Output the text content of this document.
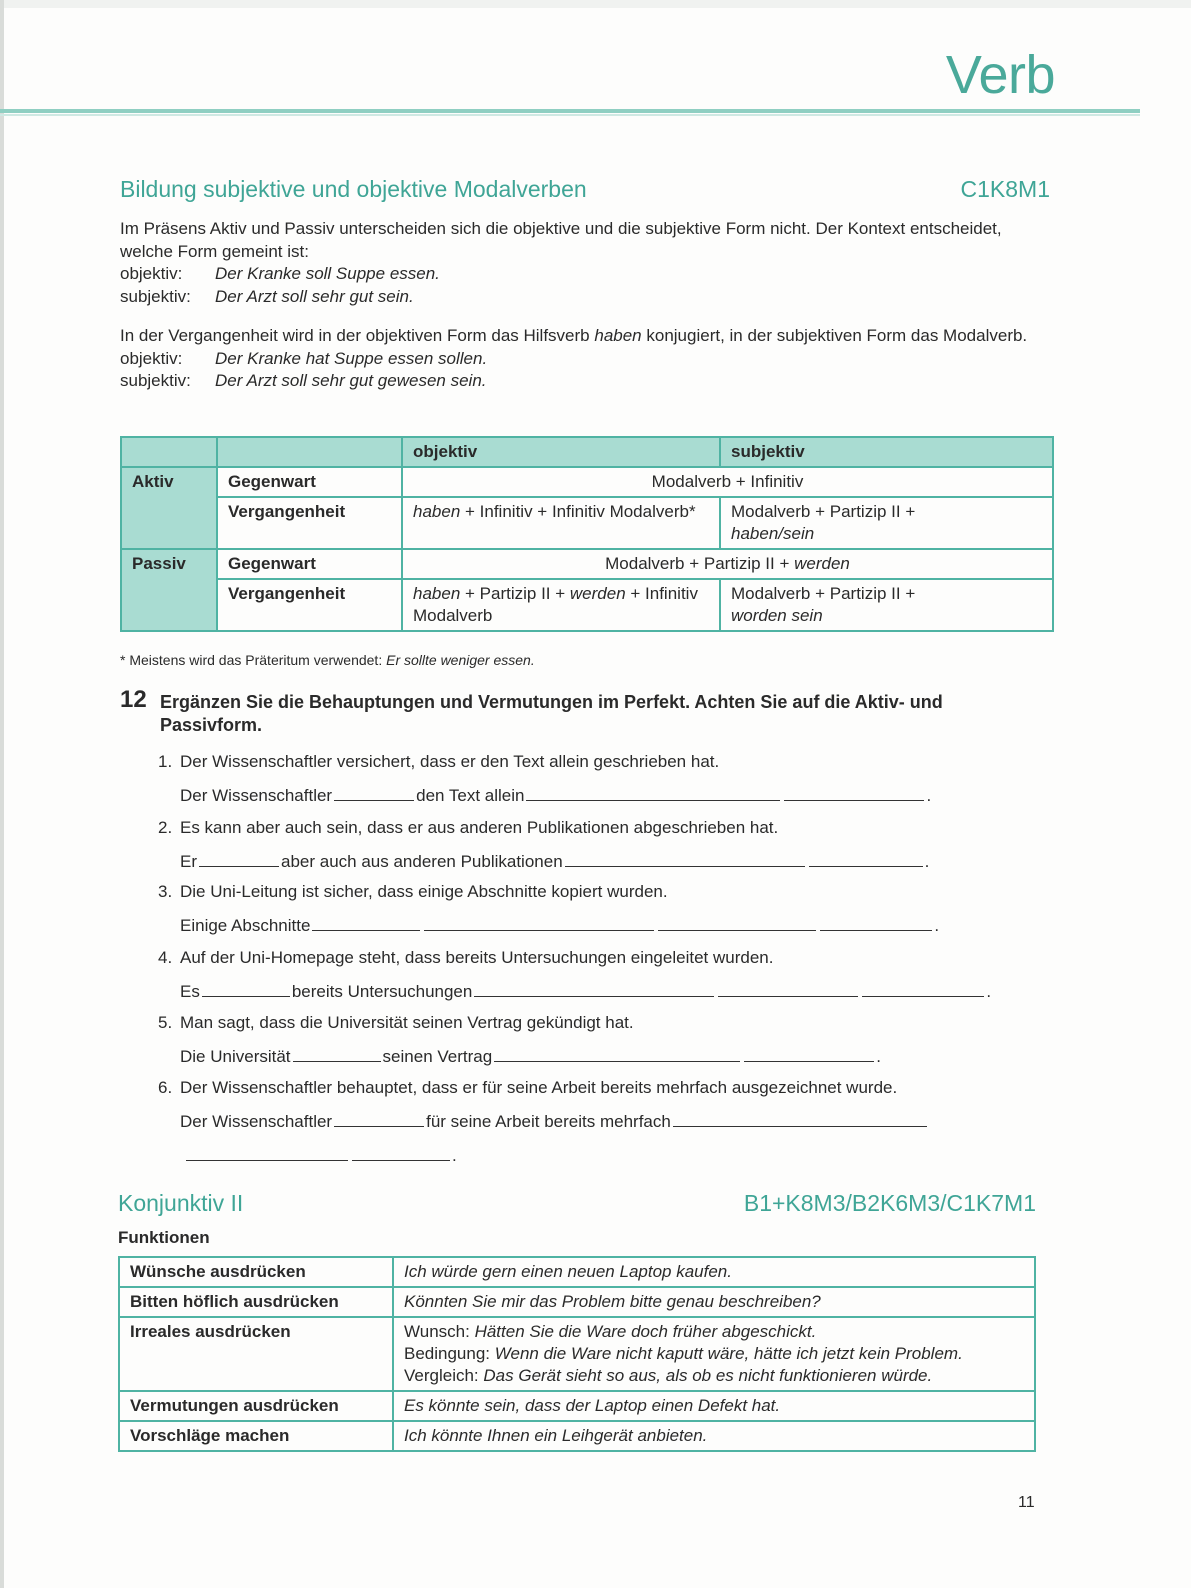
Verb
Bildung subjektive und objektive Modalverben	C1K8M1
Im Präsens Aktiv und Passiv unterscheiden sich die objektive und die subjektive Form nicht. Der Kontext entscheidet, welche Form gemeint ist:
objektiv:	Der Kranke soll Suppe essen.
subjektiv:	Der Arzt soll sehr gut sein.
In der Vergangenheit wird in der objektiven Form das Hilfsverb haben konjugiert, in der subjektiven Form das Modalverb.
objektiv:	Der Kranke hat Suppe essen sollen.
subjektiv:	Der Arzt soll sehr gut gewesen sein.
		objektiv	subjektiv
Aktiv	Gegenwart	Modalverb + Infinitiv	
	Vergangenheit	haben + Infinitiv + Infinitiv Modalverb*	Modalverb + Partizip II +
haben/sein
Passiv	Gegenwart	Modalverb + Partizip II + werden	
	Vergangenheit	haben + Partizip II + werden + Infinitiv Modalverb	Modalverb + Partizip II +
worden sein
* Meistens wird das Präteritum verwendet: Er sollte weniger essen.
12 Ergänzen Sie die Behauptungen und Vermutungen im Perfekt. Achten Sie auf die Aktiv- und Passivform.
1. Der Wissenschaftler versichert, dass er den Text allein geschrieben hat.
Der Wissenschaftler	den Text allein	.
2. Es kann aber auch sein, dass er aus anderen Publikationen abgeschrieben hat.
Er	aber auch aus anderen Publikationen	.
3. Die Uni-Leitung ist sicher, dass einige Abschnitte kopiert wurden.
Einige Abschnitte	.
4. Auf der Uni-Homepage steht, dass bereits Untersuchungen eingeleitet wurden.
Es	bereits Untersuchungen	.
5. Man sagt, dass die Universität seinen Vertrag gekündigt hat.
Die Universität	seinen Vertrag	.
6. Der Wissenschaftler behauptet, dass er für seine Arbeit bereits mehrfach ausgezeichnet wurde.
Der Wissenschaftler	für seine Arbeit bereits mehrfach
.
Konjunktiv II	B1+K8M3/B2K6M3/C1K7M1
Funktionen
Wünsche ausdrücken	Ich würde gern einen neuen Laptop kaufen.
Bitten höflich ausdrücken	Könnten Sie mir das Problem bitte genau beschreiben?
Irreales ausdrücken	Wunsch: Hätten Sie die Ware doch früher abgeschickt.
Bedingung: Wenn die Ware nicht kaputt wäre, hätte ich jetzt kein Problem.
Vergleich: Das Gerät sieht so aus, als ob es nicht funktionieren würde.

Vermutungen ausdrücken	Es könnte sein, dass der Laptop einen Defekt hat.
Vorschläge machen	Ich könnte Ihnen ein Leihgerät anbieten.
11
